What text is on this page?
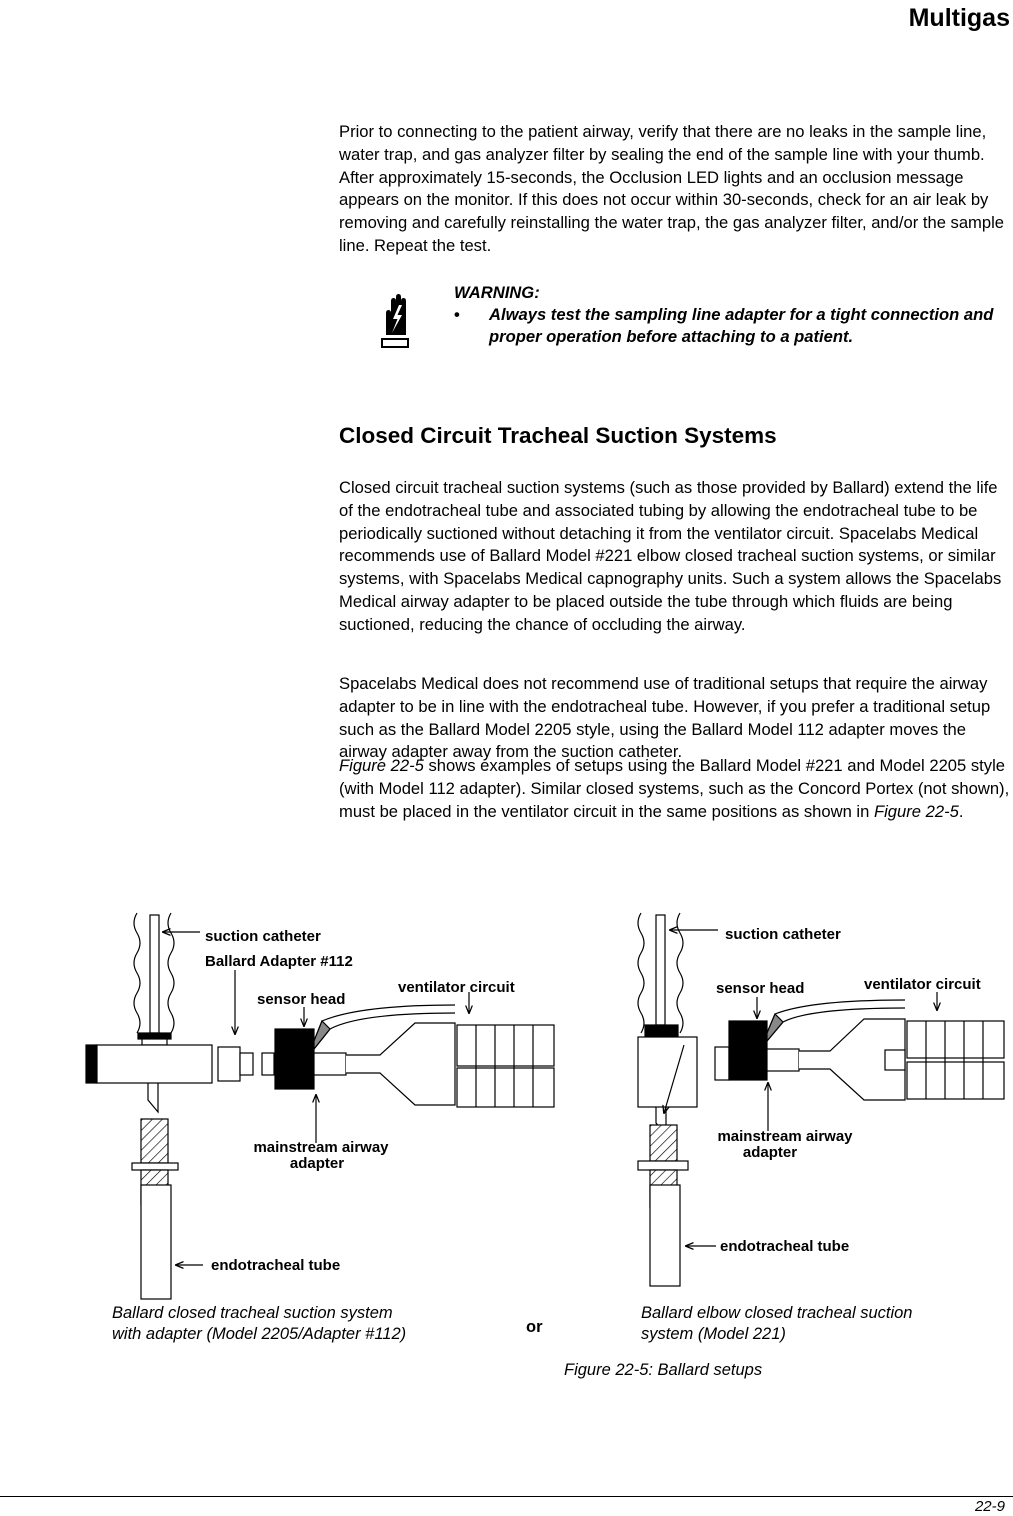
Multigas

Prior to connecting to the patient airway, verify that there are no leaks in the sample line, water trap, and gas analyzer filter by sealing the end of the sample line with your thumb. After approximately 15-seconds, the Occlusion LED lights and an occlusion message appears on the monitor. If this does not occur within 30-seconds, check for an air leak by removing and carefully reinstalling the water trap, the gas analyzer filter, and/or the sample line. Repeat the test.

WARNING:

• Always test the sampling line adapter for a tight connection and proper operation before attaching to a patient.

Closed Circuit Tracheal Suction Systems

Closed circuit tracheal suction systems (such as those provided by Ballard) extend the life of the endotracheal tube and associated tubing by allowing the endotracheal tube to be periodically suctioned without detaching it from the ventilator circuit. Spacelabs Medical recommends use of Ballard Model #221 elbow closed tracheal suction systems, or similar systems, with Spacelabs Medical capnography units. Such a system allows the Spacelabs Medical airway adapter to be placed outside the tube through which fluids are being suctioned, reducing the chance of occluding the airway.

Spacelabs Medical does not recommend use of traditional setups that require the airway adapter to be in line with the endotracheal tube. However, if you prefer a traditional setup such as the Ballard Model 2205 style, using the Ballard Model 112 adapter moves the airway adapter away from the suction catheter.

Figure 22-5 shows examples of setups using the Ballard Model #221 and Model 2205 style (with Model 112 adapter). Similar closed systems, such as the Concord Portex (not shown), must be placed in the ventilator circuit in the same positions as shown in Figure 22-5.

suction catheter
Ballard Adapter #112
sensor head
ventilator circuit
mainstream airway
adapter
endotracheal tube
suction catheter
sensor head	ventilator circuit
mainstream airway
adapter
endotracheal tube
Ballard closed tracheal suction system
with adapter (Model 2205/Adapter #112)	or
Ballard elbow closed tracheal suction
system (Model 221)
Figure 22-5: Ballard setups
22-9
